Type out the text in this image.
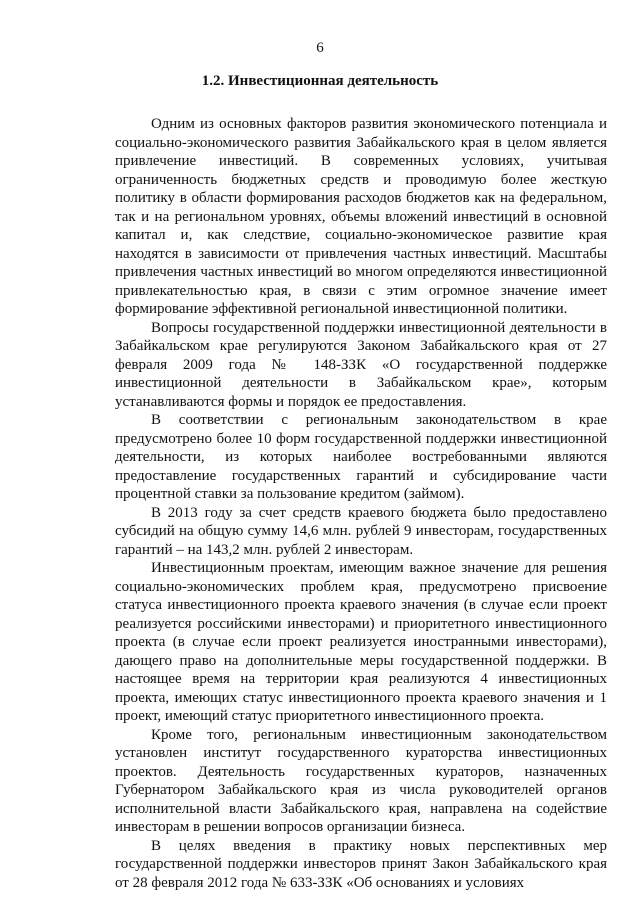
6

1.2. Инвестиционная деятельность

Одним из основных факторов развития экономического потенциала и социально-экономического развития Забайкальского края в целом является привлечение инвестиций. В современных условиях, учитывая ограниченность бюджетных средств и проводимую более жесткую политику в области формирования расходов бюджетов как на федеральном, так и на региональном уровнях, объемы вложений инвестиций в основной капитал и, как следствие, социально-экономическое развитие края находятся в зависимости от привлечения частных инвестиций. Масштабы привлечения частных инвестиций во многом определяются инвестиционной привлекательностью края, в связи с этим огромное значение имеет формирование эффективной региональной инвестиционной политики.

Вопросы государственной поддержки инвестиционной деятельности в Забайкальском крае регулируются Законом Забайкальского края от 27 февраля 2009 года № 148-ЗЗК «О государственной поддержке инвестиционной деятельности в Забайкальском крае», которым устанавливаются формы и порядок ее предоставления.

В соответствии с региональным законодательством в крае предусмотрено более 10 форм государственной поддержки инвестиционной деятельности, из которых наиболее востребованными являются предоставление государственных гарантий и субсидирование части процентной ставки за пользование кредитом (займом).

В 2013 году за счет средств краевого бюджета было предоставлено субсидий на общую сумму 14,6 млн. рублей 9 инвесторам, государственных гарантий – на 143,2 млн. рублей 2 инвесторам.

Инвестиционным проектам, имеющим важное значение для решения социально-экономических проблем края, предусмотрено присвоение статуса инвестиционного проекта краевого значения (в случае если проект реализуется российскими инвесторами) и приоритетного инвестиционного проекта (в случае если проект реализуется иностранными инвесторами), дающего право на дополнительные меры государственной поддержки. В настоящее время на территории края реализуются 4 инвестиционных проекта, имеющих статус инвестиционного проекта краевого значения и 1 проект, имеющий статус приоритетного инвестиционного проекта.

Кроме того, региональным инвестиционным законодательством установлен институт государственного кураторства инвестиционных проектов. Деятельность государственных кураторов, назначенных Губернатором Забайкальского края из числа руководителей органов исполнительной власти Забайкальского края, направлена на содействие инвесторам в решении вопросов организации бизнеса.

В целях введения в практику новых перспективных мер государственной поддержки инвесторов принят Закон Забайкальского края от 28 февраля 2012 года № 633-ЗЗК «Об основаниях и условиях
